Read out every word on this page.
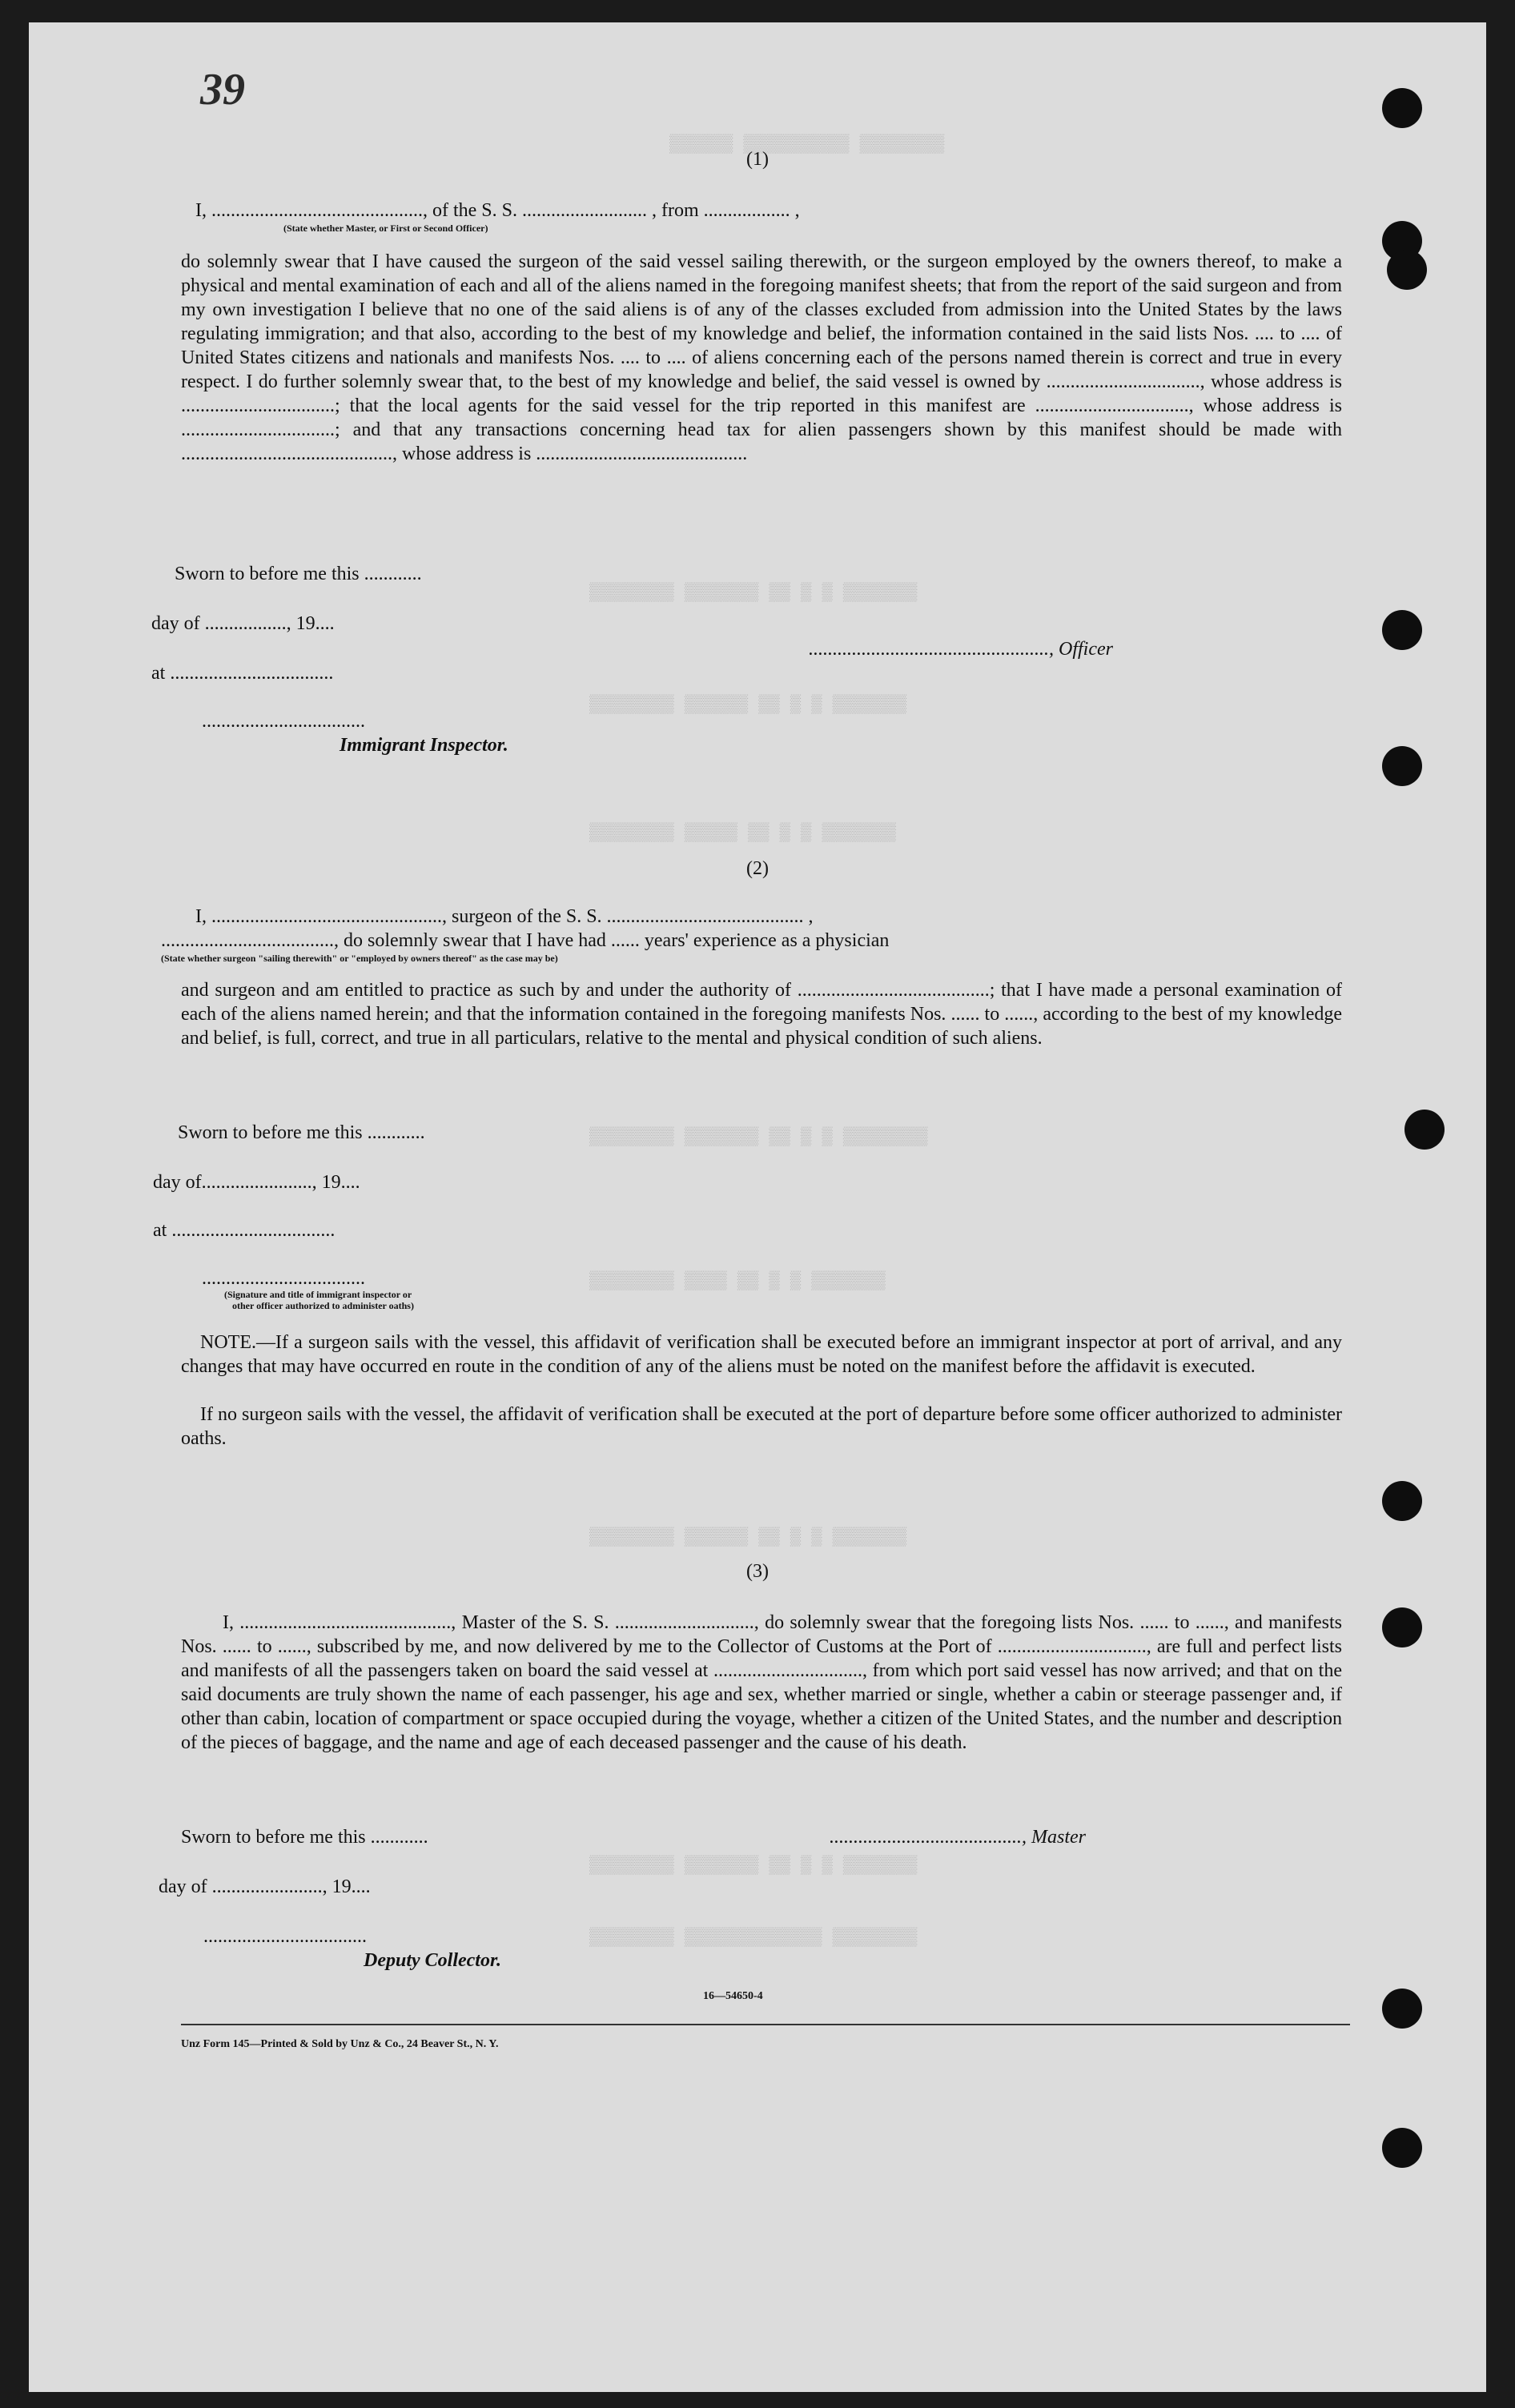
▒▒▒▒▒▒ ▒▒▒▒▒▒▒▒▒▒ ▒▒▒▒▒▒▒▒
▒▒▒▒▒▒▒▒ ▒▒▒▒▒▒▒ ▒▒ ▒ ▒ ▒▒▒▒▒▒▒
▒▒▒▒▒▒▒▒ ▒▒▒▒▒▒ ▒▒ ▒ ▒ ▒▒▒▒▒▒▒
▒▒▒▒▒▒▒▒ ▒▒▒▒▒ ▒▒ ▒ ▒ ▒▒▒▒▒▒▒
▒▒▒▒▒▒▒▒ ▒▒▒▒▒▒▒ ▒▒ ▒ ▒ ▒▒▒▒▒▒▒▒
▒▒▒▒▒▒▒▒ ▒▒▒▒ ▒▒ ▒ ▒ ▒▒▒▒▒▒▒
▒▒▒▒▒▒▒▒ ▒▒▒▒▒▒ ▒▒ ▒ ▒ ▒▒▒▒▒▒▒
▒▒▒▒▒▒▒▒ ▒▒▒▒▒▒▒ ▒▒ ▒ ▒ ▒▒▒▒▒▒▒
▒▒▒▒▒▒▒▒ ▒▒▒▒▒▒▒▒▒▒▒▒▒ ▒▒▒▒▒▒▒▒
39
(1)
I, ............................................, of the S. S. .......................... , from .................. ,
(State whether Master, or First or Second Officer)
do solemnly swear that I have caused the surgeon of the said vessel sailing therewith, or the surgeon employed by the owners thereof, to make a physical and mental examination of each and all of the aliens named in the foregoing manifest sheets; that from the report of the said surgeon and from my own investigation I believe that no one of the said aliens is of any of the classes excluded from admission into the United States by the laws regulating immigration; and that also, according to the best of my knowledge and belief, the information contained in the said lists Nos. .... to .... of United States citizens and nationals and manifests Nos. .... to .... of aliens concerning each of the persons named therein is correct and true in every respect. I do further solemnly swear that, to the best of my knowledge and belief, the said vessel is owned by ................................, whose address is ................................; that the local agents for the said vessel for the trip reported in this manifest are ................................, whose address is ................................; and that any transactions concerning head tax for alien passengers shown by this manifest should be made with ............................................, whose address is ............................................
Sworn to before me this ............
day of ................., 19....
.................................................., Officer
at ..................................
..................................
Immigrant Inspector.
(2)
I, ................................................, surgeon of the S. S. ......................................... ,
...................................., do solemnly swear that I have had ...... years' experience as a physician
(State whether surgeon "sailing therewith" or "employed by owners thereof" as the case may be)
and surgeon and am entitled to practice as such by and under the authority of ........................................; that I have made a personal examination of each of the aliens named herein; and that the information contained in the foregoing manifests Nos. ...... to ......, according to the best of my knowledge and belief, is full, correct, and true in all particulars, relative to the mental and physical condition of such aliens.
Sworn to before me this ............
day of......................., 19....
at ..................................
..................................
(Signature and title of immigrant inspector or
other officer authorized to administer oaths)
NOTE.—If a surgeon sails with the vessel, this affidavit of verification shall be executed before an immigrant inspector at port of arrival, and any changes that may have occurred en route in the condition of any of the aliens must be noted on the manifest before the affidavit is executed.
If no surgeon sails with the vessel, the affidavit of verification shall be executed at the port of departure before some officer authorized to administer oaths.
(3)
I, ............................................, Master of the S. S. ............................., do solemnly swear that the foregoing lists Nos. ...... to ......, and manifests Nos. ...... to ......, subscribed by me, and now delivered by me to the Collector of Customs at the Port of ..............................., are full and perfect lists and manifests of all the passengers taken on board the said vessel at ..............................., from which port said vessel has now arrived; and that on the said documents are truly shown the name of each passenger, his age and sex, whether married or single, whether a cabin or steerage passenger and, if other than cabin, location of compartment or space occupied during the voyage, whether a citizen of the United States, and the number and description of the pieces of baggage, and the name and age of each deceased passenger and the cause of his death.
Sworn to before me this ............	........................................, Master
day of ......................., 19....
..................................
Deputy Collector.
16—54650-4
Unz Form 145—Printed & Sold by Unz & Co., 24 Beaver St., N. Y.
